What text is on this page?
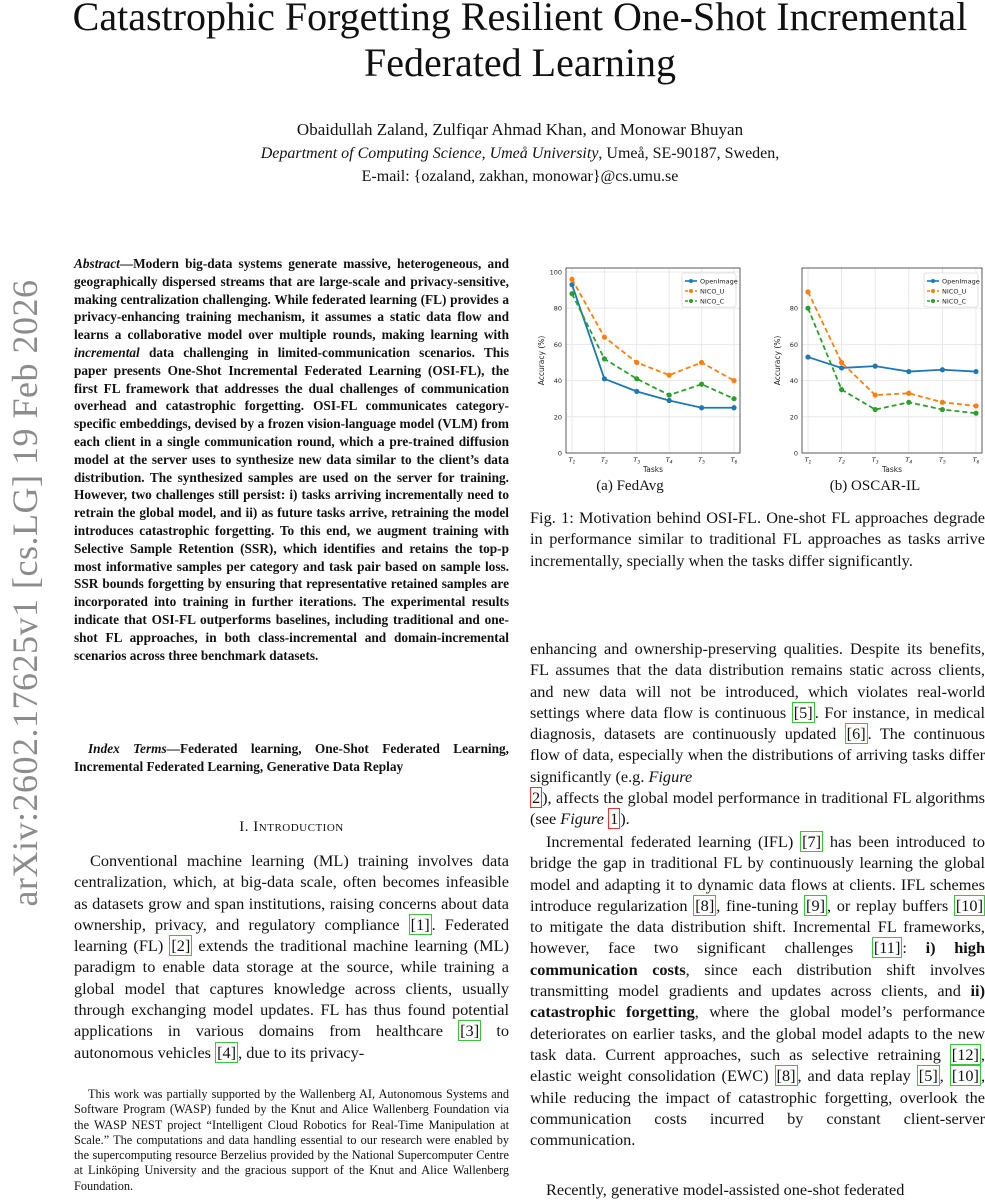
arXiv:2602.17625v1 [cs.LG] 19 Feb 2026
Catastrophic Forgetting Resilient One-Shot Incremental Federated Learning
Obaidullah Zaland, Zulfiqar Ahmad Khan, and Monowar Bhuyan
Department of Computing Science, Umeå University, Umeå, SE-90187, Sweden,
E-mail: {ozaland, zakhan, monowar}@cs.umu.se

Abstract—Modern big-data systems generate massive, heterogeneous, and geographically dispersed streams that are large-scale and privacy-sensitive, making centralization challenging. While federated learning (FL) provides a privacy-enhancing training mechanism, it assumes a static data flow and learns a collaborative model over multiple rounds, making learning with incremental data challenging in limited-communication scenarios. This paper presents One-Shot Incremental Federated Learning (OSI-FL), the first FL framework that addresses the dual challenges of communication overhead and catastrophic forgetting. OSI-FL communicates category-specific embeddings, devised by a frozen vision-language model (VLM) from each client in a single communication round, which a pre-trained diffusion model at the server uses to synthesize new data similar to the client’s data distribution. The synthesized samples are used on the server for training. However, two challenges still persist: i) tasks arriving incrementally need to retrain the global model, and ii) as future tasks arrive, retraining the model introduces catastrophic forgetting. To this end, we augment training with Selective Sample Retention (SSR), which identifies and retains the top-p most informative samples per category and task pair based on sample loss. SSR bounds forgetting by ensuring that representative retained samples are incorporated into training in further iterations. The experimental results indicate that OSI-FL outperforms baselines, including traditional and one-shot FL approaches, in both class-incremental and domain-incremental scenarios across three benchmark datasets.

Index Terms—Federated learning, One-Shot Federated Learning, Incremental Federated Learning, Generative Data Replay

I. Introduction

Conventional machine learning (ML) training involves data centralization, which, at big-data scale, often becomes infeasible as datasets grow and span institutions, raising concerns about data ownership, privacy, and regulatory compliance [1] . Federated learning (FL) [2] extends the traditional machine learning (ML) paradigm to enable data storage at the source, while training a global model that captures knowledge across clients, usually through exchanging model updates. FL has thus found potential applications in various domains from healthcare [3] to autonomous vehicles [4] , due to its privacy-

This work was partially supported by the Wallenberg AI, Autonomous Systems and Software Program (WASP) funded by the Knut and Alice Wallenberg Foundation via the WASP NEST project “Intelligent Cloud Robotics for Real-Time Manipulation at Scale.” The computations and data handling essential to our research were enabled by the supercomputing resource Berzelius provided by the National Supercomputer Centre at Linköping University and the gracious support of the Knut and Alice Wallenberg Foundation.

0
20
40
60
80
100
$T_1$	$T_2$	$T_3$	$T_4$	$T_5$	$T_6$
Tasks
Accuracy (%)
OpenImage
NICO_U
NICO_C
0
20
40
60
80
$T_1$	$T_2$	$T_3$	$T_4$	$T_5$	$T_6$
Tasks
Accuracy (%)
OpenImage
NICO_U
NICO_C
(a) FedAvg	(b) OSCAR-IL

Fig. 1: Motivation behind OSI-FL. One-shot FL approaches degrade in performance similar to traditional FL approaches as tasks arrive incrementally, specially when the tasks differ significantly.

enhancing and ownership-preserving qualities. Despite its benefits, FL assumes that the data distribution remains static across clients, and new data will not be introduced, which violates real-world settings where data flow is continuous [5] . For instance, in medical diagnosis, datasets are continuously updated [6] . The continuous flow of data, especially when the distributions of arriving tasks differ significantly (e.g. Figure
2 ), affects the global model performance in traditional FL algorithms (see Figure 1 ).

Incremental federated learning (IFL) [7] has been introduced to bridge the gap in traditional FL by continuously learning the global model and adapting it to dynamic data flows at clients. IFL schemes introduce regularization [8] , fine-tuning [9] , or replay buffers [10] to mitigate the data distribution shift. Incremental FL frameworks, however, face two significant challenges [11] : i) high communication costs, since each distribution shift involves transmitting model gradients and updates across clients, and ii) catastrophic forgetting, where the global model’s performance deteriorates on earlier tasks, and the global model adapts to the new task data. Current approaches, such as selective retraining [12] , elastic weight consolidation (EWC) [8] , and data replay [5] , [10] , while reducing the impact of catastrophic forgetting, overlook the communication costs incurred by constant client-server communication.

Recently, generative model-assisted one-shot federated
